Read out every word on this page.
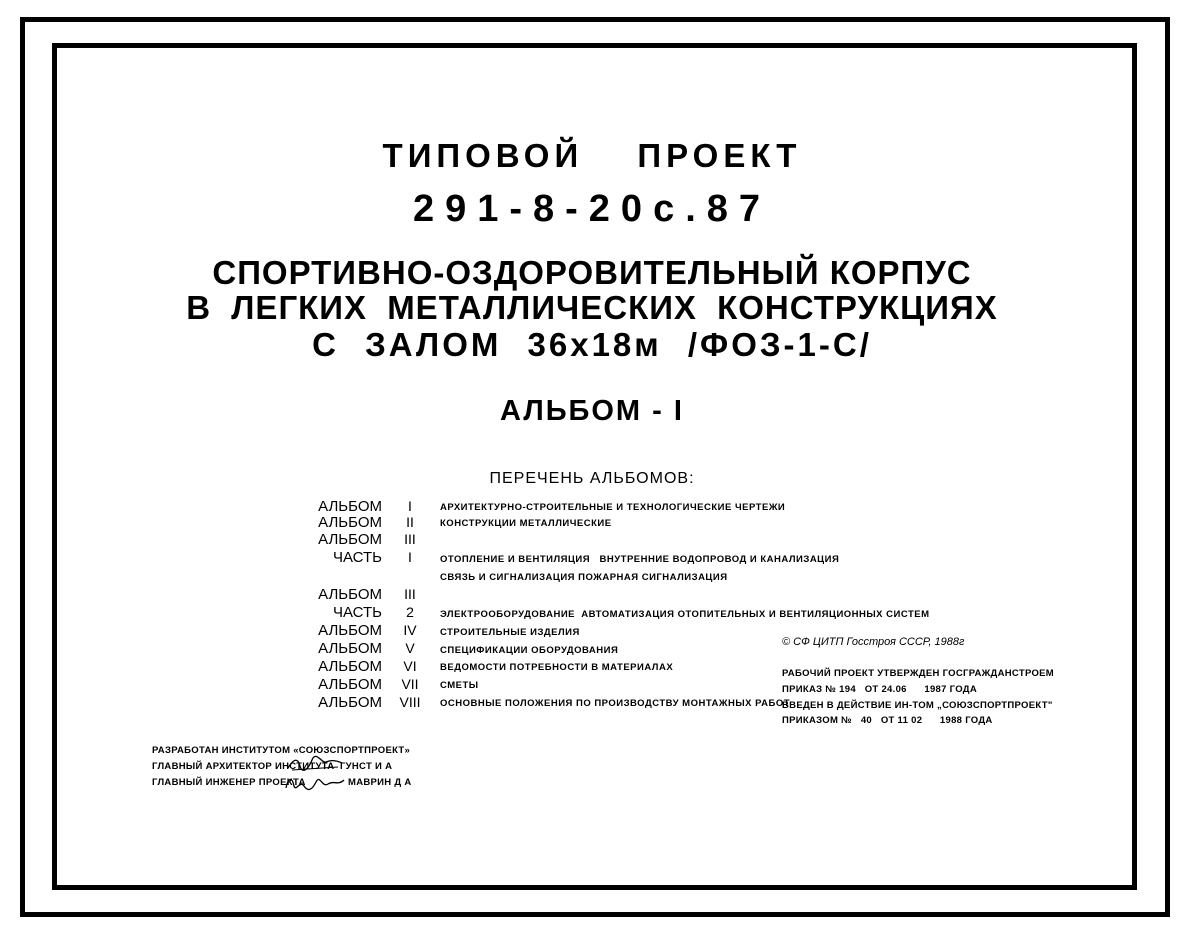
ТИПОВОЙ ПРОЕКТ
291-8-20с.87
СПОРТИВНО-ОЗДОРОВИТЕЛЬНЫЙ КОРПУС
В ЛЕГКИХ МЕТАЛЛИЧЕСКИХ КОНСТРУКЦИЯХ
С ЗАЛОМ 36х18м /ФОЗ-1-С/
АЛЬБОМ - I
ПЕРЕЧЕНЬ АЛЬБОМОВ:
АЛЬБОМ	I	АРХИТЕКТУРНО-СТРОИТЕЛЬНЫЕ И ТЕХНОЛОГИЧЕСКИЕ ЧЕРТЕЖИ
АЛЬБОМ	II	КОНСТРУКЦИИ МЕТАЛЛИЧЕСКИЕ
АЛЬБОМ	III
ЧАСТЬ	I	ОТОПЛЕНИЕ И ВЕНТИЛЯЦИЯ   ВНУТРЕННИЕ ВОДОПРОВОД И КАНАЛИЗАЦИЯ
СВЯЗЬ И СИГНАЛИЗАЦИЯ ПОЖАРНАЯ СИГНАЛИЗАЦИЯ
АЛЬБОМ	III
ЧАСТЬ	2	ЭЛЕКТРООБОРУДОВАНИЕ  АВТОМАТИЗАЦИЯ ОТОПИТЕЛЬНЫХ И ВЕНТИЛЯЦИОННЫХ СИСТЕМ
АЛЬБОМ	IV	СТРОИТЕЛЬНЫЕ ИЗДЕЛИЯ
АЛЬБОМ	V	СПЕЦИФИКАЦИИ ОБОРУДОВАНИЯ
АЛЬБОМ	VI	ВЕДОМОСТИ ПОТРЕБНОСТИ В МАТЕРИАЛАХ
АЛЬБОМ	VII	СМЕТЫ
АЛЬБОМ	VIII	ОСНОВНЫЕ ПОЛОЖЕНИЯ ПО ПРОИЗВОДСТВУ МОНТАЖНЫХ РАБОТ
© СФ ЦИТП Госстроя СССР, 1988г
РАБОЧИЙ ПРОЕКТ УТВЕРЖДЕН ГОСГРАЖДАНСТРОЕМ
ПРИКАЗ № 194   ОТ 24.06      1987 ГОДА
ВВЕДЕН В ДЕЙСТВИЕ ИН-ТОМ „СОЮЗСПОРТПРОЕКТ"
ПРИКАЗОМ №   40   ОТ 11 02      1988 ГОДА
РАЗРАБОТАН ИНСТИТУТОМ «СОЮЗСПОРТПРОЕКТ»
ГЛАВНЫЙ АРХИТЕКТОР ИНСТИТУТА ГУНСТ И А
ГЛАВНЫЙ ИНЖЕНЕР ПРОЕКТА	МАВРИН Д А
